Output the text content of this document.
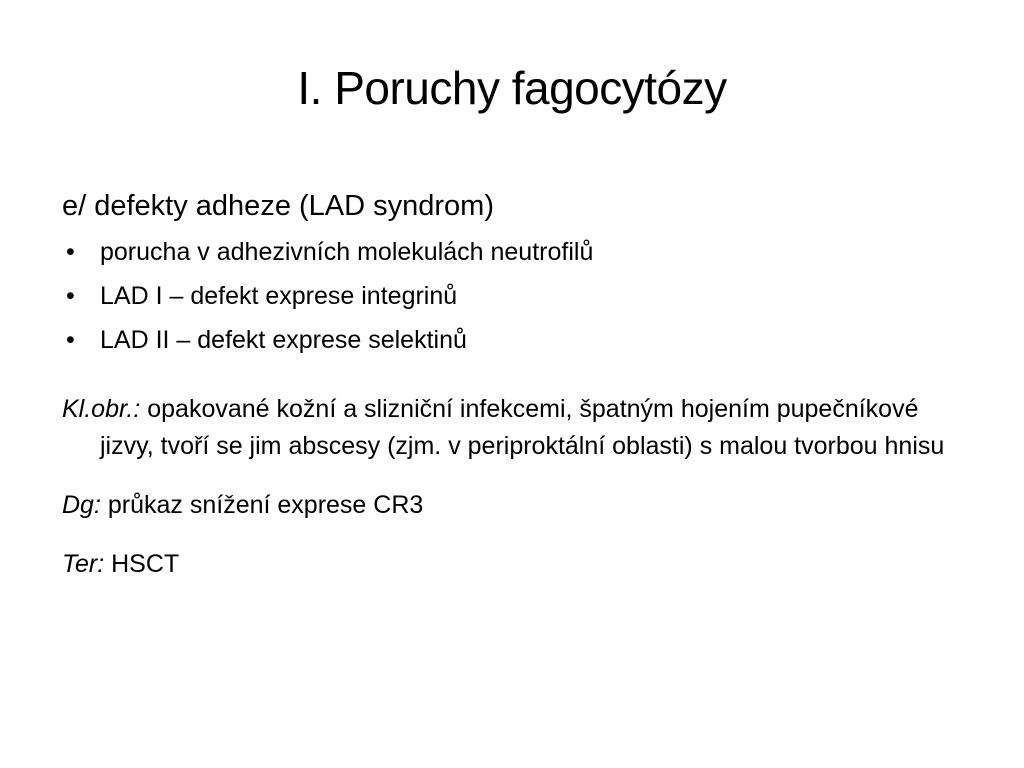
I. Poruchy fagocytózy
e/ defekty adheze (LAD syndrom)
• porucha v adhezivních molekulách neutrofilů
• LAD I – defekt exprese integrinů
• LAD II – defekt exprese selektinů
Kl.obr.: opakované kožní a slizniční infekcemi, špatným hojením pupečníkové jizvy, tvoří se jim abscesy (zjm. v periproktální oblasti) s malou tvorbou hnisu
Dg: průkaz snížení exprese CR3
Ter: HSCT
